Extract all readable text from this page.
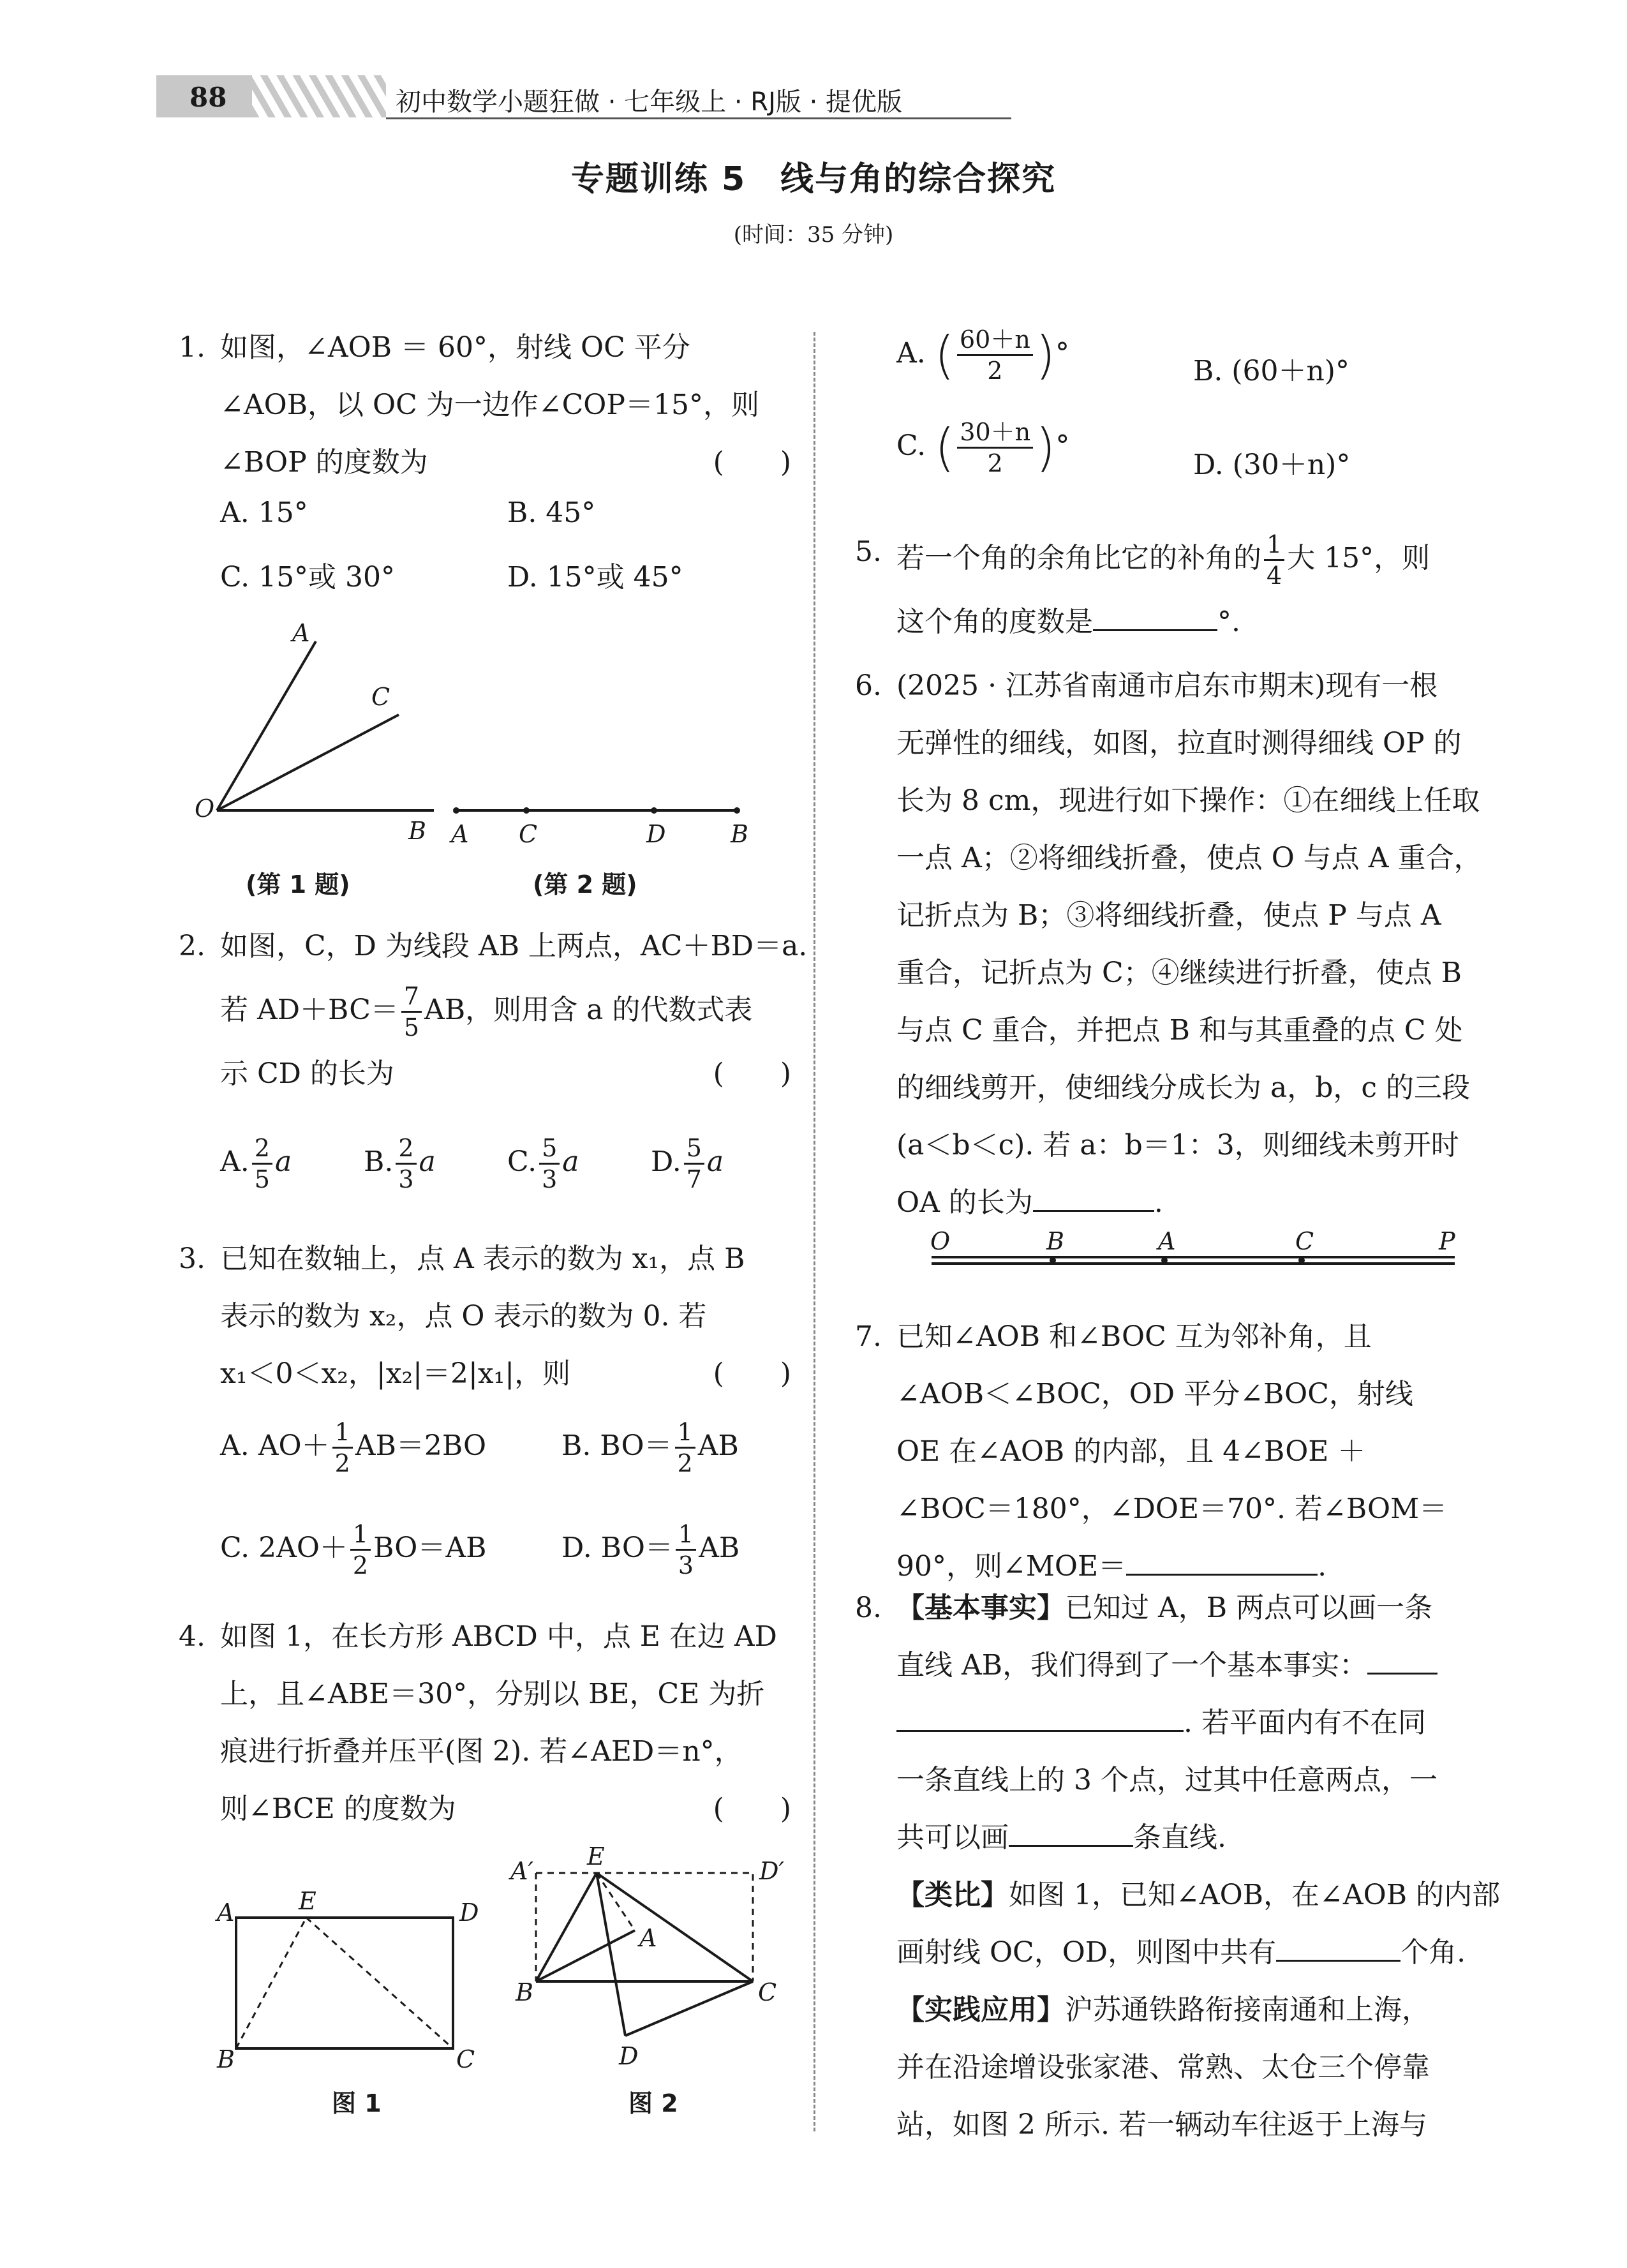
88	初中数学小题狂做 · 七年级上 · RJ版 · 提优版
专题训练 5　线与角的综合探究
(时间：35 分钟)
1. 如图，∠AOB ＝ 60°，射线 OC 平分
∠AOB，以 OC 为一边作∠COP＝15°，则
∠BOP 的度数为	(　　)
A. 15°	B. 45°
C. 15°或 30°	D. 15°或 45°
A
C
O
B A C	D	B
(第 1 题)	(第 2 题)
2. 如图，C，D 为线段 AB 上两点，AC＋BD＝a.
若 $AD+BC= \frac{7}{5}$ AB，则用含 a 的代数式表
示 CD 的长为	(　　)
A. $\frac{2}{5}$ a	B. $\frac{2}{3}$ a	C. $\frac{5}{3}$ a	D. $\frac{5}{7}$ a
3. 已知在数轴上，点 A 表示的数为 x₁，点 B
表示的数为 x₂，点 O 表示的数为 0. 若
x₁＜0＜x₂，|x₂|＝2|x₁|，则	(　　)
A. $AO+ \frac{1}{2} AB=2BO$	B. $BO= \frac{1}{2}$ AB
C. $2AO+ \frac{1}{2} BO=AB$	D. $BO= \frac{1}{3}$ AB
4. 如图 1，在长方形 ABCD 中，点 E 在边 AD
上，且∠ABE＝30°，分别以 BE，CE 为折
痕进行折叠并压平(图 2). 若∠AED＝n°，
则∠BCE 的度数为	(　　)
A	E	D
B	C
A′
E
D′
A
B	C
D
图 1	图 2
A. ( $\frac{60+n}{2}$ )°
B. (60＋n)°
C. ( $\frac{30+n}{2}$ )°
D. (30＋n)°
5. 若一个角的余角比它的补角的 $\frac{1}{4}$ 大 15°，则
这个角的度数是	°.
6. (2025 · 江苏省南通市启东市期末)现有一根
无弹性的细线，如图，拉直时测得细线 OP 的
长为 8 cm，现进行如下操作：①在细线上任取
一点 A；②将细线折叠，使点 O 与点 A 重合，
记折点为 B；③将细线折叠，使点 P 与点 A
重合，记折点为 C；④继续进行折叠，使点 B
与点 C 重合，并把点 B 和与其重叠的点 C 处
的细线剪开，使细线分成长为 a，b，c 的三段
(a＜b＜c). 若 a：b＝1：3，则细线未剪开时
OA 的长为	.
O	B	A	C	P
7. 已知∠AOB 和∠BOC 互为邻补角，且
∠AOB＜∠BOC，OD 平分∠BOC，射线
OE 在∠AOB 的内部，且 4∠BOE ＋
∠BOC＝180°，∠DOE＝70°. 若∠BOM＝
90°，则∠MOE＝	.
8. 【基本事实】已知过 A，B 两点可以画一条
直线 AB，我们得到了一个基本事实：
. 若平面内有不在同
一条直线上的 3 个点，过其中任意两点，一
共可以画	条直线.
【类比】如图 1，已知∠AOB，在∠AOB 的内部
画射线 OC，OD，则图中共有	个角.
【实践应用】沪苏通铁路衔接南通和上海，
并在沿途增设张家港、常熟、太仓三个停靠
站，如图 2 所示. 若一辆动车往返于上海与
